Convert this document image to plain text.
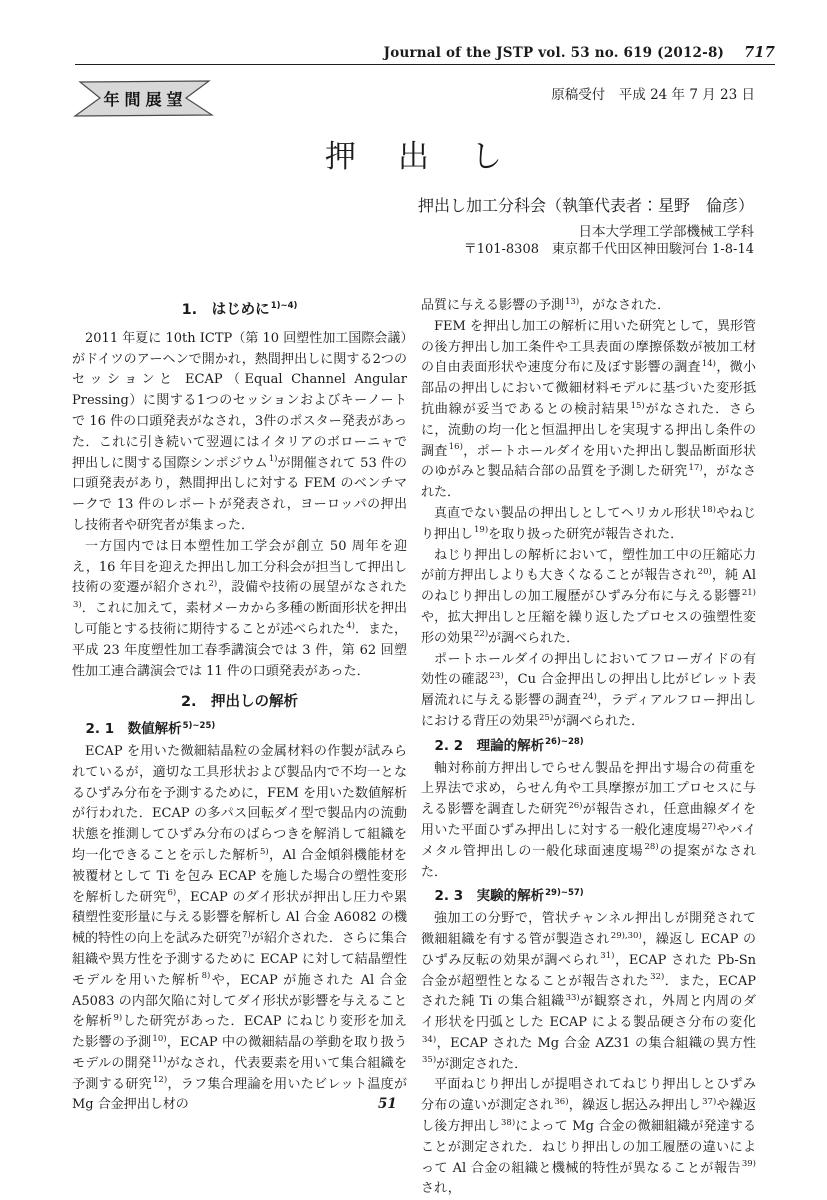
Journal of the JSTP vol. 53 no. 619 (2012-8) 717
年間展望	原稿受付　平成 24 年 7 月 23 日
押出し
押出し加工分科会（執筆代表者：星野　倫彦）
日本大学理工学部機械工学科
〒101-8308　東京都千代田区神田駿河台 1-8-14
1.　はじめに$^{1)\sim 4)}$

2011 年夏に 10th ICTP（第 10 回塑性加工国際会議）がドイツのアーヘンで開かれ，熱間押出しに関する2つのセッションと ECAP（Equal Channel Angular Pressing）に関する1つのセッションおよびキーノートで 16 件の口頭発表がなされ，3件のポスター発表があった．これに引き続いて翌週にはイタリアのボローニャで押出しに関する国際シンポジウム$^{1)}$が開催されて 53 件の口頭発表があり，熱間押出しに対する FEM のベンチマークで 13 件のレポートが発表され，ヨーロッパの押出し技術者や研究者が集まった．

一方国内では日本塑性加工学会が創立 50 周年を迎え，16 年目を迎えた押出し加工分科会が担当して押出し技術の変遷が紹介され$^{2)}$，設備や技術の展望がなされた$^{3)}$．これに加えて，素材メーカから多種の断面形状を押出し可能とする技術に期待することが述べられた$^{4)}$．また，平成 23 年度塑性加工春季講演会では 3 件，第 62 回塑性加工連合講演会では 11 件の口頭発表があった．

2.　押出しの解析
2. 1　数値解析$^{5)\sim 25)}$

ECAP を用いた微細結晶粒の金属材料の作製が試みられているが，適切な工具形状および製品内で不均一となるひずみ分布を予測するために，FEM を用いた数値解析が行われた．ECAP の多パス回転ダイ型で製品内の流動状態を推測してひずみ分布のばらつきを解消して組織を均一化できることを示した解析$^{5)}$，Al 合金傾斜機能材を被覆材として Ti を包み ECAP を施した場合の塑性変形を解析した研究$^{6)}$，ECAP のダイ形状が押出し圧力や累積塑性変形量に与える影響を解析し Al 合金 A6082 の機械的特性の向上を試みた研究$^{7)}$が紹介された．さらに集合組織や異方性を予測するために ECAP に対して結晶塑性モデルを用いた解析$^{8)}$や，ECAP が施された Al 合金 A5083 の内部欠陥に対してダイ形状が影響を与えることを解析$^{9)}$した研究があった．ECAP にねじり変形を加えた影響の予測$^{10)}$，ECAP 中の微細結晶の挙動を取り扱うモデルの開発$^{11)}$がなされ，代表要素を用いて集合組織を予測する研究$^{12)}$，ラフ集合理論を用いたビレット温度が Mg 合金押出し材の

品質に与える影響の予測$^{13)}$，がなされた．

FEM を押出し加工の解析に用いた研究として，異形管の後方押出し加工条件や工具表面の摩擦係数が被加工材の自由表面形状や速度分布に及ぼす影響の調査$^{14)}$，微小部品の押出しにおいて微細材料モデルに基づいた変形抵抗曲線が妥当であるとの検討結果$^{15)}$がなされた．さらに，流動の均一化と恒温押出しを実現する押出し条件の調査$^{16)}$，ポートホールダイを用いた押出し製品断面形状のゆがみと製品結合部の品質を予測した研究$^{17)}$，がなされた．

真直でない製品の押出しとしてヘリカル形状$^{18)}$やねじり押出し$^{19)}$を取り扱った研究が報告された．

ねじり押出しの解析において，塑性加工中の圧縮応力が前方押出しよりも大きくなることが報告され$^{20)}$，純 Al のねじり押出しの加工履歴がひずみ分布に与える影響$^{21)}$や，拡大押出しと圧縮を繰り返したプロセスの強塑性変形の効果$^{22)}$が調べられた．

ポートホールダイの押出しにおいてフローガイドの有効性の確認$^{23)}$，Cu 合金押出しの押出し比がビレット表層流れに与える影響の調査$^{24)}$，ラディアルフロー押出しにおける背圧の効果$^{25)}$が調べられた．

2. 2　理論的解析$^{26)\sim 28)}$

軸対称前方押出しでらせん製品を押出す場合の荷重を上界法で求め，らせん角や工具摩擦が加工プロセスに与える影響を調査した研究$^{26)}$が報告され，任意曲線ダイを用いた平面ひずみ押出しに対する一般化速度場$^{27)}$やバイメタル管押出しの一般化球面速度場$^{28)}$の提案がなされた．

2. 3　実験的解析$^{29)\sim 57)}$

強加工の分野で，管状チャンネル押出しが開発されて微細組織を有する管が製造され$^{29),30)}$，繰返し ECAP のひずみ反転の効果が調べられ$^{31)}$，ECAP された Pb-Sn 合金が超塑性となることが報告された$^{32)}$．また，ECAP された純 Ti の集合組織$^{33)}$が観察され，外周と内周のダイ形状を円弧とした ECAP による製品硬さ分布の変化$^{34)}$，ECAP された Mg 合金 AZ31 の集合組織の異方性$^{35)}$が測定された．

平面ねじり押出しが提唱されてねじり押出しとひずみ分布の違いが測定され$^{36)}$，繰返し据込み押出し$^{37)}$や繰返し後方押出し$^{38)}$によって Mg 合金の微細組織が発達することが測定された．ねじり押出しの加工履歴の違いによって Al 合金の組織と機械的特性が異なることが報告$^{39)}$され，

51
